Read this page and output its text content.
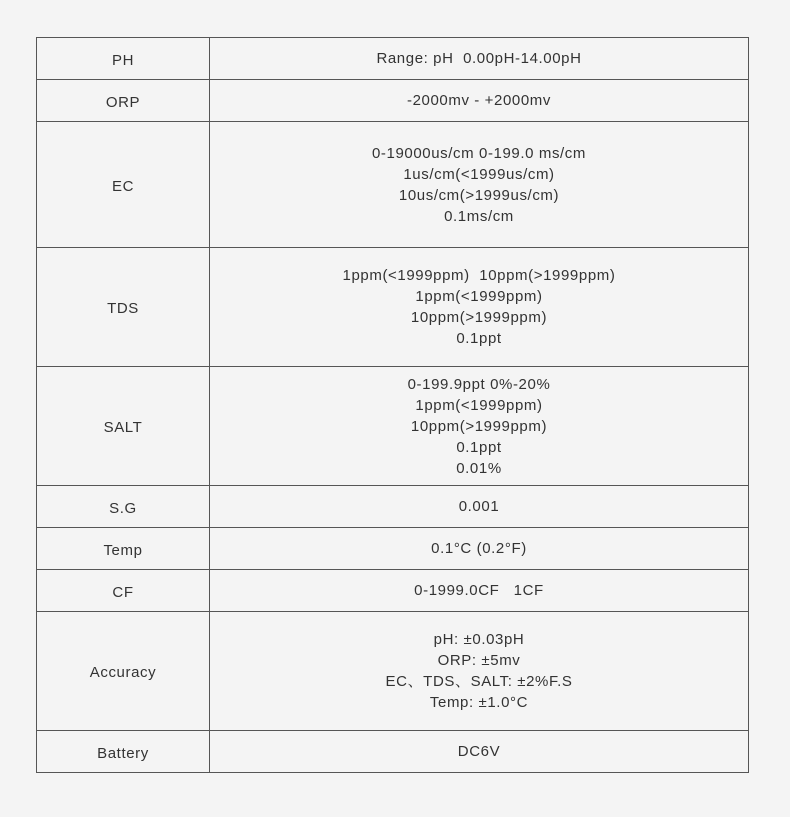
PH	Range: pH  0.00pH-14.00pH

ORP	-2000mv - +2000mv

EC	0-19000us/cm 0-199.0 ms/cm
1us/cm(<1999us/cm)
10us/cm(>1999us/cm)
0.1ms/cm

TDS	1ppm(<1999ppm)  10ppm(>1999ppm)
1ppm(<1999ppm)
10ppm(>1999ppm)
0.1ppt

SALT	0-199.9ppt 0%-20%
1ppm(<1999ppm)
10ppm(>1999ppm)
0.1ppt
0.01%

S.G	0.001

Temp	0.1°C (0.2°F)

CF	0-1999.0CF   1CF

Accuracy	pH: ±0.03pH
ORP: ±5mv
EC、TDS、SALT: ±2%F.S
Temp: ±1.0°C

Battery	DC6V
